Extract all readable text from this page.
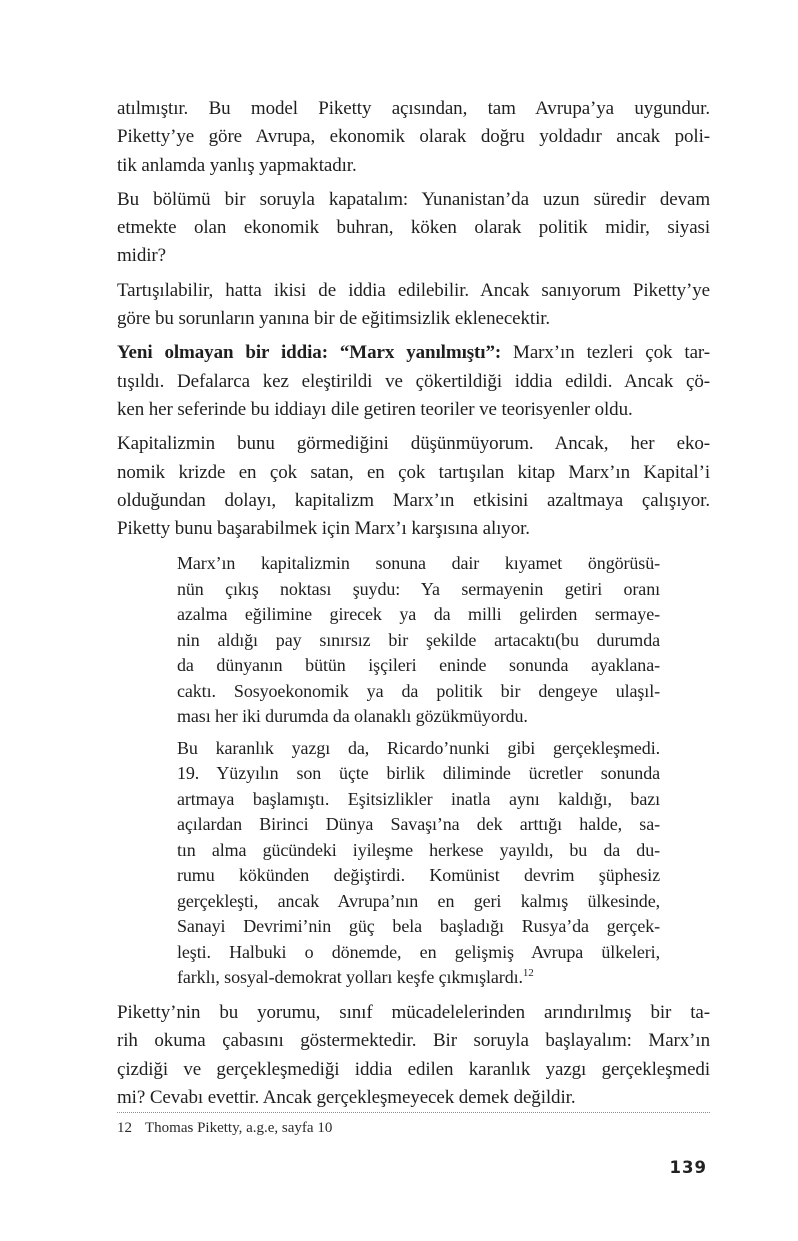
atılmıştır. Bu model Piketty açısından, tam Avrupa’ya uygundur.
Piketty’ye göre Avrupa, ekonomik olarak doğru yoldadır ancak poli-
tik anlamda yanlış yapmaktadır.
Bu bölümü bir soruyla kapatalım: Yunanistan’da uzun süredir devam
etmekte olan ekonomik buhran, köken olarak politik midir, siyasi
midir?
Tartışılabilir, hatta ikisi de iddia edilebilir. Ancak sanıyorum Piketty’ye
göre bu sorunların yanına bir de eğitimsizlik eklenecektir.
Yeni olmayan bir iddia: “Marx yanılmıştı”: Marx’ın tezleri çok tar-
tışıldı. Defalarca kez eleştirildi ve çökertildiği iddia edildi. Ancak çö-
ken her seferinde bu iddiayı dile getiren teoriler ve teorisyenler oldu.
Kapitalizmin bunu görmediğini düşünmüyorum. Ancak, her eko-
nomik krizde en çok satan, en çok tartışılan kitap Marx’ın Kapital’i
olduğundan dolayı, kapitalizm Marx’ın etkisini azaltmaya çalışıyor.
Piketty bunu başarabilmek için Marx’ı karşısına alıyor.
Marx’ın kapitalizmin sonuna dair kıyamet öngörüsü-
nün çıkış noktası şuydu: Ya sermayenin getiri oranı
azalma eğilimine girecek ya da milli gelirden sermaye-
nin aldığı pay sınırsız bir şekilde artacaktı(bu durumda
da dünyanın bütün işçileri eninde sonunda ayaklana-
caktı. Sosyoekonomik ya da politik bir dengeye ulaşıl-
ması her iki durumda da olanaklı gözükmüyordu.
Bu karanlık yazgı da, Ricardo’nunki gibi gerçekleşmedi.
19. Yüzyılın son üçte birlik diliminde ücretler sonunda
artmaya başlamıştı. Eşitsizlikler inatla aynı kaldığı, bazı
açılardan Birinci Dünya Savaşı’na dek arttığı halde, sa-
tın alma gücündeki iyileşme herkese yayıldı, bu da du-
rumu kökünden değiştirdi. Komünist devrim şüphesiz
gerçekleşti, ancak Avrupa’nın en geri kalmış ülkesinde,
Sanayi Devrimi’nin güç bela başladığı Rusya’da gerçek-
leşti. Halbuki o dönemde, en gelişmiş Avrupa ülkeleri,
farklı, sosyal-demokrat yolları keşfe çıkmışlardı.$^{12}$
Piketty’nin bu yorumu, sınıf mücadelelerinden arındırılmış bir ta-
rih okuma çabasını göstermektedir. Bir soruyla başlayalım: Marx’ın
çizdiği ve gerçekleşmediği iddia edilen karanlık yazgı gerçekleşmedi
mi? Cevabı evettir. Ancak gerçekleşmeyecek demek değildir.
12 Thomas Piketty, a.g.e, sayfa 10
139
